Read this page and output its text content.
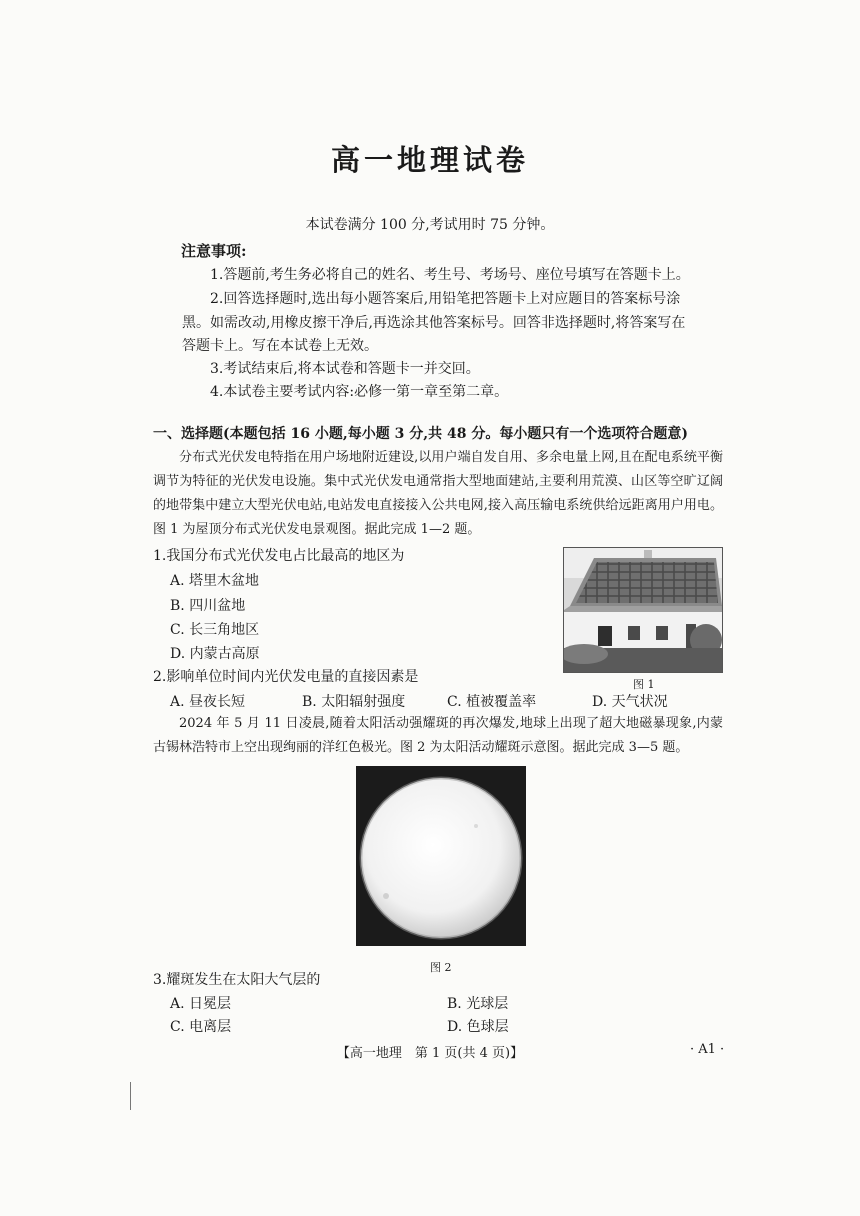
高一地理试卷
本试卷满分 100 分,考试用时 75 分钟。
注意事项:
1.答题前,考生务必将自己的姓名、考生号、考场号、座位号填写在答题卡上。
2.回答选择题时,选出每小题答案后,用铅笔把答题卡上对应题目的答案标号涂
黑。如需改动,用橡皮擦干净后,再选涂其他答案标号。回答非选择题时,将答案写在
答题卡上。写在本试卷上无效。
3.考试结束后,将本试卷和答题卡一并交回。
4.本试卷主要考试内容:必修一第一章至第二章。
一、选择题(本题包括 16 小题,每小题 3 分,共 48 分。每小题只有一个选项符合题意)

分布式光伏发电特指在用户场地附近建设,以用户端自发自用、多余电量上网,且在配电系统平衡调节为特征的光伏发电设施。集中式光伏发电通常指大型地面建站,主要利用荒漠、山区等空旷辽阔的地带集中建立大型光伏电站,电站发电直接接入公共电网,接入高压输电系统供给远距离用户用电。图 1 为屋顶分布式光伏发电景观图。据此完成 1—2 题。

1.我国分布式光伏发电占比最高的地区为
A. 塔里木盆地
B. 四川盆地
C. 长三角地区
D. 内蒙古高原
图 1
2.影响单位时间内光伏发电量的直接因素是
A. 昼夜长短	B. 太阳辐射强度	C. 植被覆盖率	D. 天气状况

2024 年 5 月 11 日凌晨,随着太阳活动强耀斑的再次爆发,地球上出现了超大地磁暴现象,内蒙古锡林浩特市上空出现绚丽的洋红色极光。图 2 为太阳活动耀斑示意图。据此完成 3—5 题。

图 2
3.耀斑发生在太阳大气层的
A. 日冕层	B. 光球层
C. 电离层	D. 色球层
【高一地理　第 1 页(共 4 页)】	· A1 ·
